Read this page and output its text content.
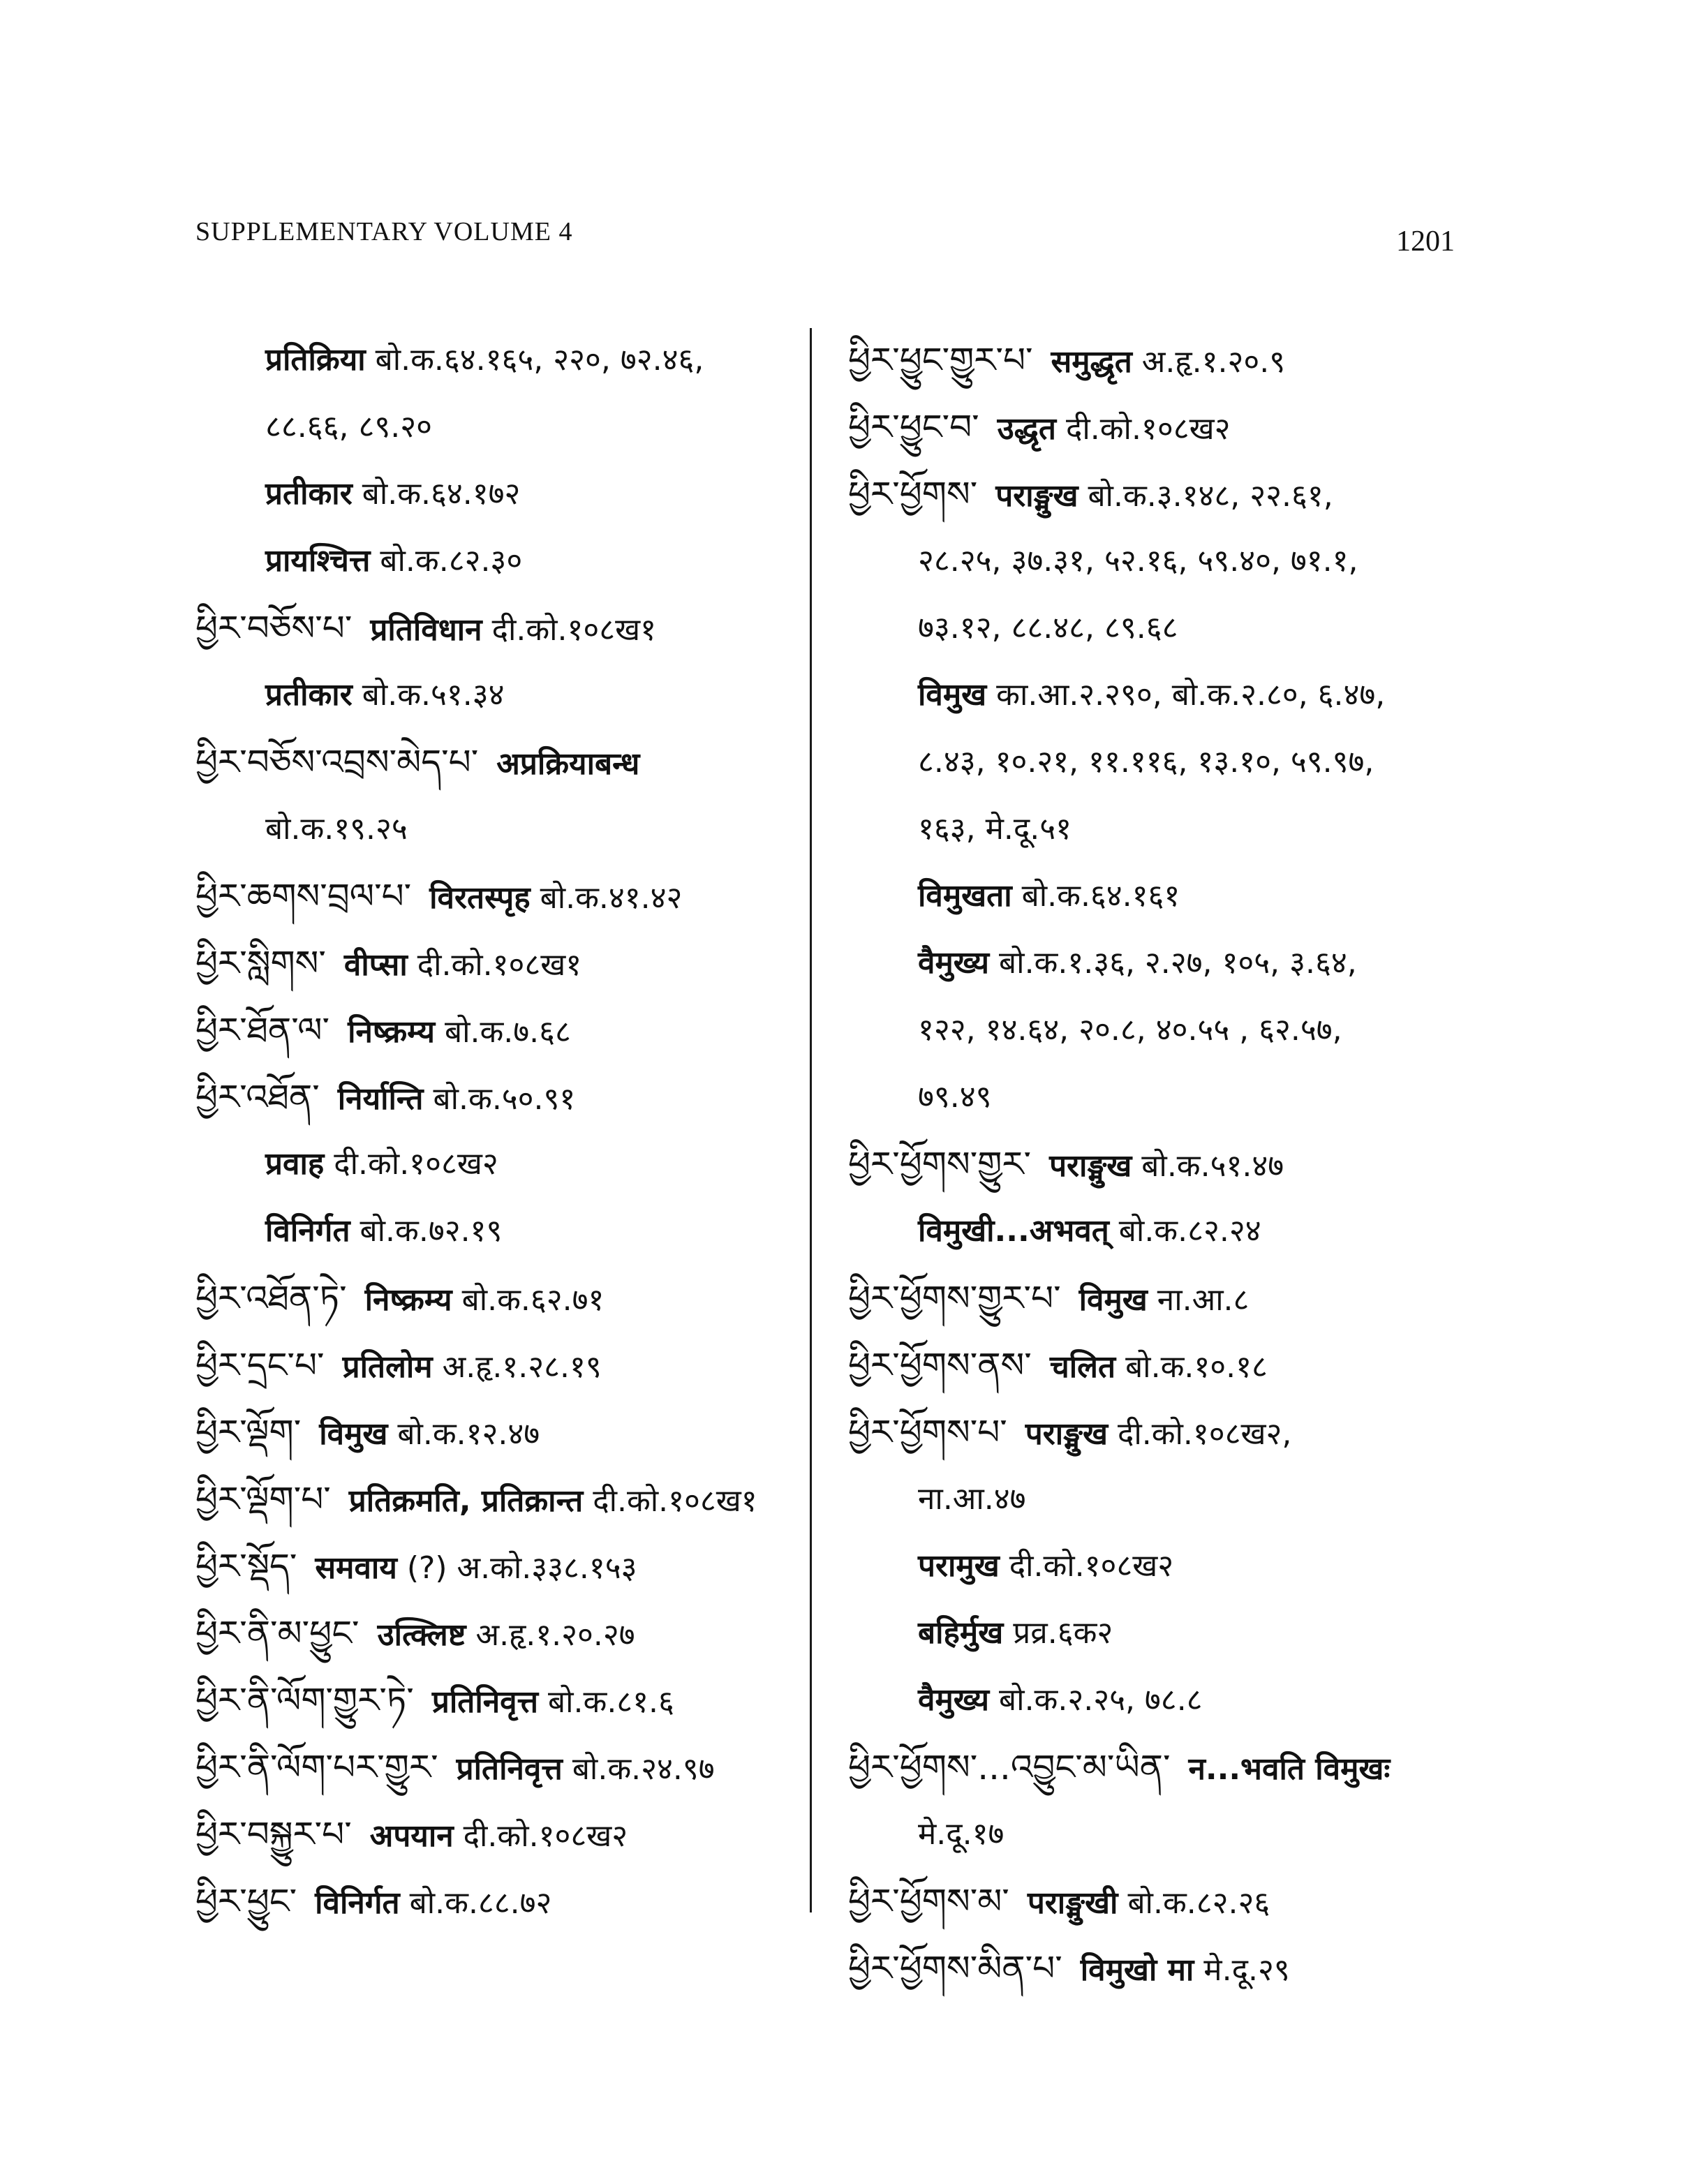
SUPPLEMENTARY VOLUME 4	1201
प्रतिक्रिया बो.क.६४.१६५, २२०, ७२.४६,
८८.६६, ८९.२०
प्रतीकार बो.क.६४.१७२
प्रायश्चित्त बो.क.८२.३०
ཕྱིར་བཅོས་པ་ प्रतिविधान दी.को.१०८ख१
प्रतीकार बो.क.५१.३४
ཕྱིར་བཅོས་འབྲས་མེད་པ་ अप्रक्रियाबन्ध
बो.क.१९.२५
ཕྱིར་ཆགས་བྲལ་པ་ विरतस्पृह बो.क.४१.४२
ཕྱིར་སླིགས་ वीप्सा दी.को.१०८ख१
ཕྱིར་ཐོན་ལ་ निष्क्रम्य बो.क.७.६८
ཕྱིར་འཐོན་ निर्यान्ति बो.क.५०.९१
प्रवाह दी.को.१०८ख२
विनिर्गत बो.क.७२.१९
ཕྱིར་འཐོན་ཏེ་ निष्क्रम्य बो.क.६२.७१
ཕྱིར་དྲང་པ་ प्रतिलोम अ.हृ.१.२८.१९
ཕྱིར་ལྡོག་ विमुख बो.क.१२.४७
ཕྱིར་ལྡོག་པ་ प्रतिक्रमति, प्रतिक्रान्त दी.को.१०८ख१
ཕྱིར་སྡོད་ समवाय (?) अ.को.३३८.१५३
ཕྱིར་ནི་མ་ཕྱུང་ उत्क्लिष्ट अ.हृ.१.२०.२७
ཕྱིར་ནི་ལོག་གྱུར་ཏེ་ प्रतिनिवृत्त बो.क.८१.६
ཕྱིར་ནི་ལོག་པར་གྱུར་ प्रतिनिवृत्त बो.क.२४.९७
ཕྱིར་བསྐྱུར་པ་ अपयान दी.को.१०८ख२
ཕྱིར་ཕྱུང་ विनिर्गत बो.क.८८.७२
ཕྱིར་ཕྱུང་གྱུར་པ་ समुद्धृत अ.हृ.१.२०.९
ཕྱིར་ཕྱུང་བ་ उद्धृत दी.को.१०८ख२
ཕྱིར་ཕྱོགས་ पराङ्मुख बो.क.३.१४८, २२.६१,
२८.२५, ३७.३१, ५२.१६, ५९.४०, ७१.१,
७३.१२, ८८.४८, ८९.६८
विमुख का.आ.२.२९०, बो.क.२.८०, ६.४७,
८.४३, १०.२१, ११.११६, १३.१०, ५९.९७,
१६३, मे.दू.५१
विमुखता बो.क.६४.१६१
वैमुख्य बो.क.१.३६, २.२७, १०५, ३.६४,
१२२, १४.६४, २०.८, ४०.५५ , ६२.५७,
७९.४९
ཕྱིར་ཕྱོགས་གྱུར་ पराङ्मुख बो.क.५१.४७
विमुखी...अभवत् बो.क.८२.२४
ཕྱིར་ཕྱོགས་གྱུར་པ་ विमुख ना.आ.८
ཕྱིར་ཕྱོགས་ནས་ चलित बो.क.१०.१८
ཕྱིར་ཕྱོགས་པ་ पराङ्मुख दी.को.१०८ख२,
ना.आ.४७
परामुख दी.को.१०८ख२
बहिर्मुख प्रव्र.६क२
वैमुख्य बो.क.२.२५, ७८.८
ཕྱིར་ཕྱོགས་...འབྱུང་མ་ཡིན་ न...भवति विमुखः
मे.दू.१७
ཕྱིར་ཕྱོགས་མ་ पराङ्मुखी बो.क.८२.२६
ཕྱིར་ཕྱོགས་མིན་པ་ विमुखो मा मे.दू.२९
